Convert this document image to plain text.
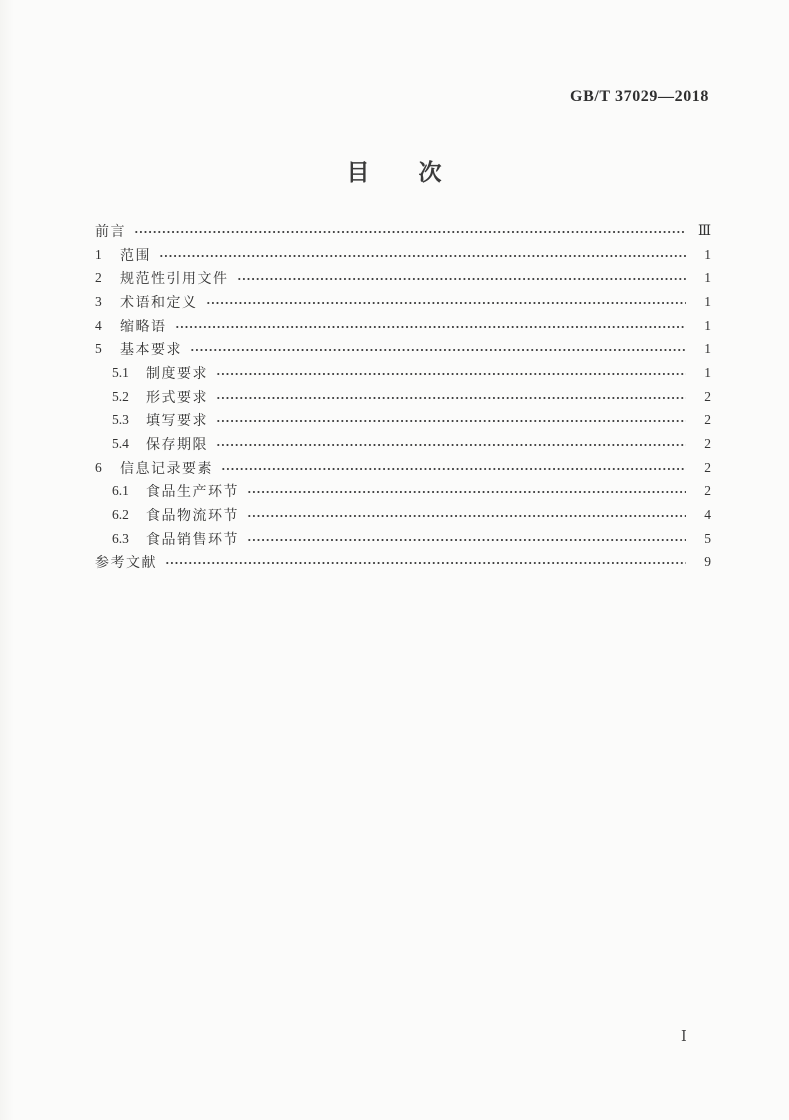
GB/T 37029—2018
目　　次
前言	Ⅲ
1	范围	1
2	规范性引用文件	1
3	术语和定义	1
4	缩略语	1
5	基本要求	1
5.1	制度要求	1
5.2	形式要求	2
5.3	填写要求	2
5.4	保存期限	2
6	信息记录要素	2
6.1	食品生产环节	2
6.2	食品物流环节	4
6.3	食品销售环节	5
参考文献	9
Ⅰ
